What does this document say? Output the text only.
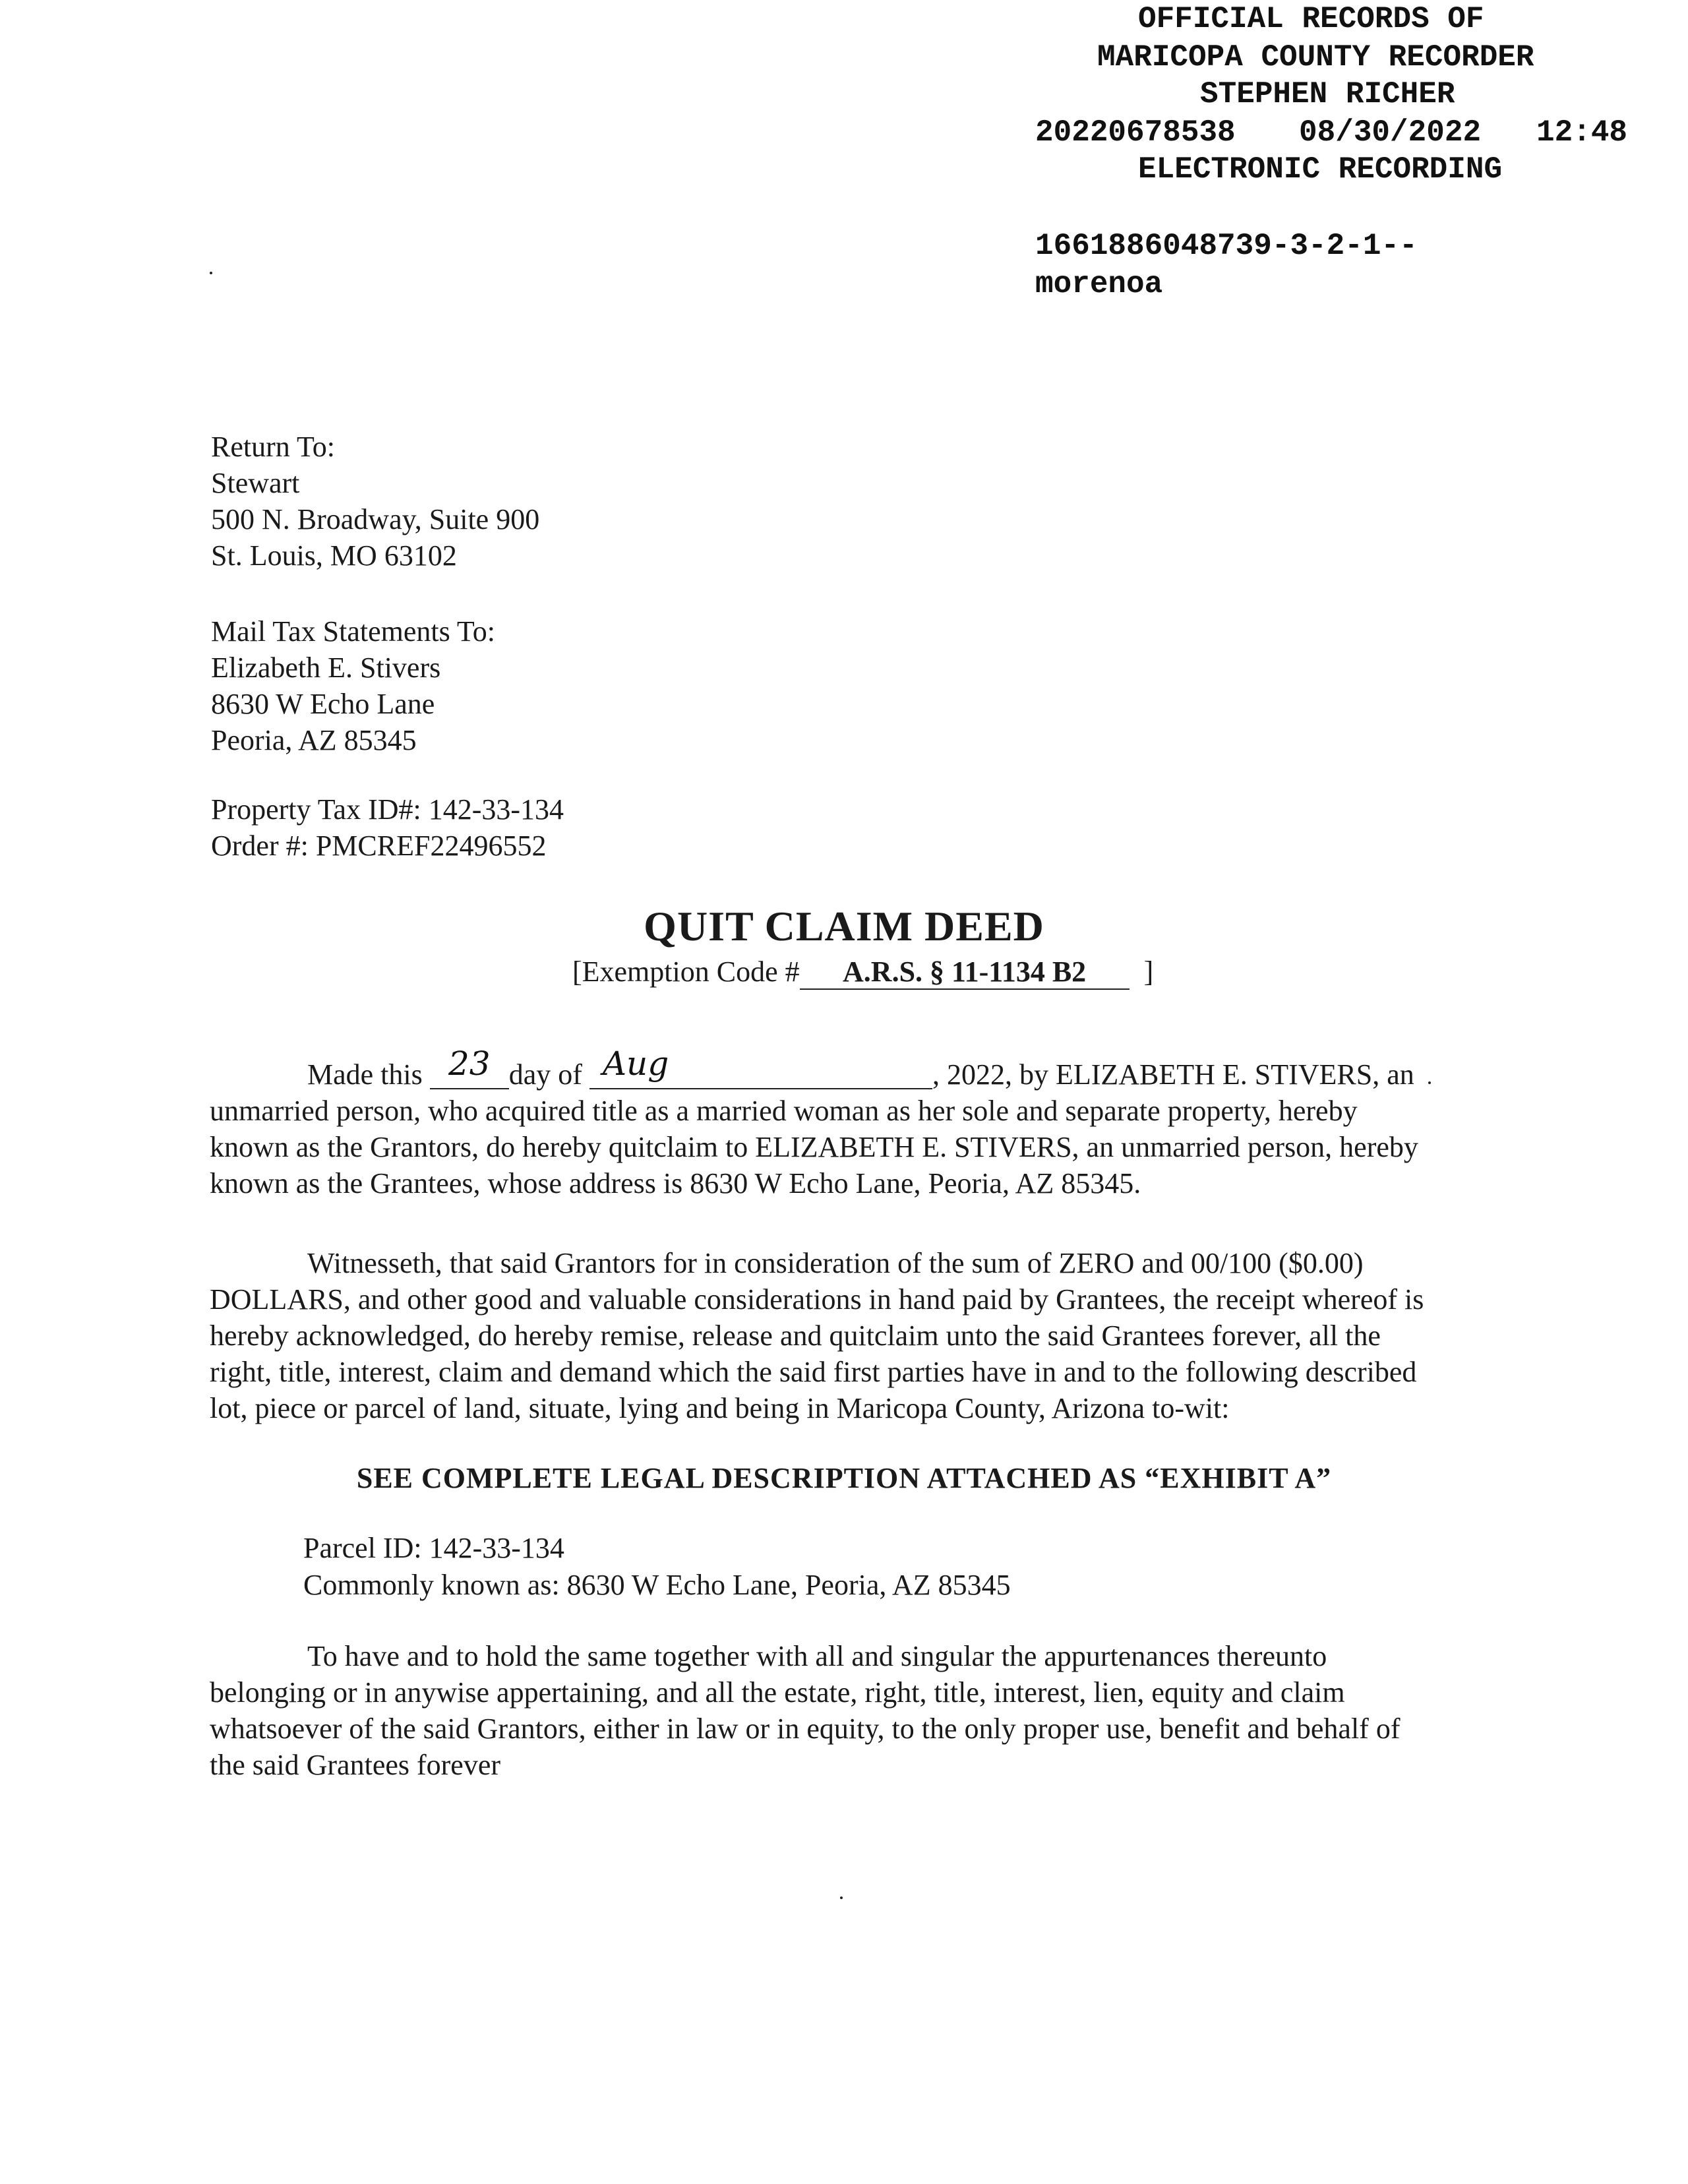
OFFICIAL RECORDS OF

MARICOPA COUNTY RECORDER

STEPHEN RICHER

20220678538

08/30/2022

12:48

ELECTRONIC RECORDING

1661886048739-3-2-1--

morenoa

Return To:
Stewart
500 N. Broadway, Suite 900
St. Louis, MO 63102
Mail Tax Statements To:
Elizabeth E. Stivers
8630 W Echo Lane
Peoria, AZ 85345
Property Tax ID#: 142-33-134
Order #: PMCREF22496552
QUIT CLAIM DEED
[Exemption Code # A.R.S. § 11-1134 B2 ]
Made this 23 day of Aug	, 2022, by ELIZABETH E. STIVERS, an
unmarried person, who acquired title as a married woman as her sole and separate property, hereby
known as the Grantors, do hereby quitclaim to ELIZABETH E. STIVERS, an unmarried person, hereby
known as the Grantees, whose address is 8630 W Echo Lane, Peoria, AZ 85345.
Witnesseth, that said Grantors for in consideration of the sum of ZERO and 00/100 ($0.00)
DOLLARS, and other good and valuable considerations in hand paid by Grantees, the receipt whereof is
hereby acknowledged, do hereby remise, release and quitclaim unto the said Grantees forever, all the
right, title, interest, claim and demand which the said first parties have in and to the following described
lot, piece or parcel of land, situate, lying and being in Maricopa County, Arizona to-wit:
SEE COMPLETE LEGAL DESCRIPTION ATTACHED AS “EXHIBIT A”
Parcel ID: 142-33-134
Commonly known as: 8630 W Echo Lane, Peoria, AZ 85345
To have and to hold the same together with all and singular the appurtenances thereunto
belonging or in anywise appertaining, and all the estate, right, title, interest, lien, equity and claim
whatsoever of the said Grantors, either in law or in equity, to the only proper use, benefit and behalf of
the said Grantees forever
